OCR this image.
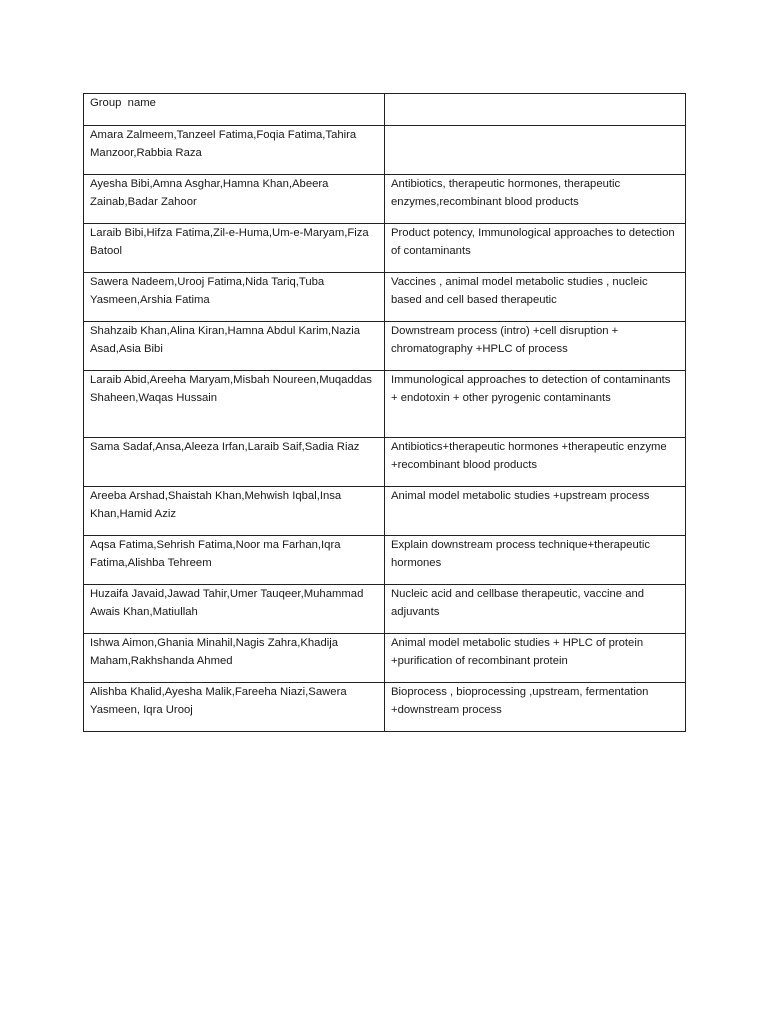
Group  name	

Amara Zalmeem,Tanzeel Fatima,Foqia Fatima,Tahira Manzoor,Rabbia Raza	

Ayesha Bibi,Amna Asghar,Hamna Khan,Abeera Zainab,Badar Zahoor	Antibiotics, therapeutic hormones, therapeutic enzymes,recombinant blood products

Laraib Bibi,Hifza Fatima,Zil-e-Huma,Um-e-Maryam,Fiza Batool	Product potency, Immunological approaches to detection of contaminants

Sawera Nadeem,Urooj Fatima,Nida Tariq,Tuba Yasmeen,Arshia Fatima	Vaccines , animal model metabolic studies , nucleic based and cell based therapeutic

Shahzaib Khan,Alina Kiran,Hamna Abdul Karim,Nazia Asad,Asia Bibi	Downstream process (intro) +cell disruption + chromatography +HPLC of process

Laraib Abid,Areeha Maryam,Misbah Noureen,Muqaddas Shaheen,Waqas Hussain	Immunological approaches to detection of contaminants + endotoxin + other pyrogenic contaminants

Sama Sadaf,Ansa,Aleeza Irfan,Laraib Saif,Sadia Riaz	Antibiotics+therapeutic hormones +therapeutic enzyme +recombinant blood products

Areeba Arshad,Shaistah Khan,Mehwish Iqbal,Insa Khan,Hamid Aziz	Animal model metabolic studies +upstream process

Aqsa Fatima,Sehrish Fatima,Noor ma Farhan,Iqra Fatima,Alishba Tehreem	Explain downstream process technique+therapeutic hormones

Huzaifa Javaid,Jawad Tahir,Umer Tauqeer,Muhammad Awais Khan,Matiullah	Nucleic acid and cellbase therapeutic, vaccine and adjuvants

Ishwa Aimon,Ghania Minahil,Nagis Zahra,Khadija Maham,Rakhshanda Ahmed	Animal model metabolic studies + HPLC of protein +purification of recombinant protein

Alishba Khalid,Ayesha Malik,Fareeha Niazi,Sawera Yasmeen, Iqra Urooj	Bioprocess , bioprocessing ,upstream, fermentation +downstream process
